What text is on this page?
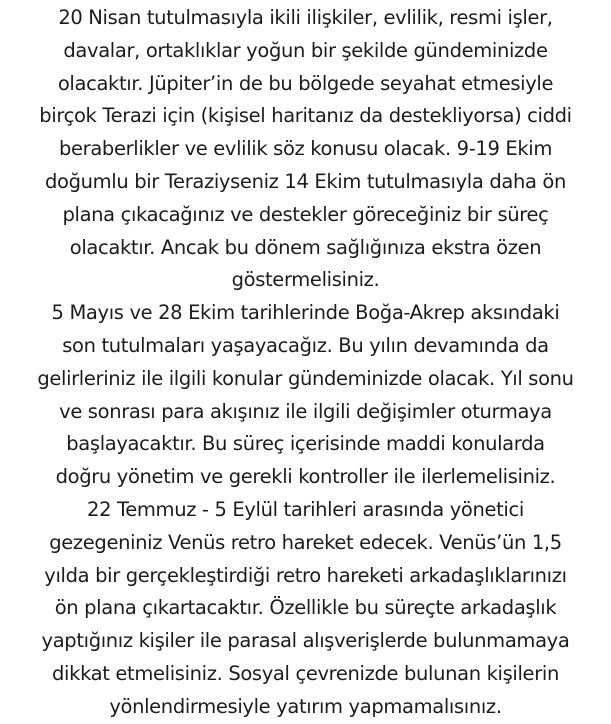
20 Nisan tutulmasıyla ikili ilişkiler, evlilik, resmi işler,
davalar, ortaklıklar yoğun bir şekilde gündeminizde
olacaktır. Jüpiter’in de bu bölgede seyahat etmesiyle
birçok Terazi için (kişisel haritanız da destekliyorsa) ciddi
beraberlikler ve evlilik söz konusu olacak. 9-19 Ekim
doğumlu bir Teraziyseniz 14 Ekim tutulmasıyla daha ön
plana çıkacağınız ve destekler göreceğiniz bir süreç
olacaktır. Ancak bu dönem sağlığınıza ekstra özen
göstermelisiniz.
5 Mayıs ve 28 Ekim tarihlerinde Boğa-Akrep aksındaki
son tutulmaları yaşayacağız. Bu yılın devamında da
gelirleriniz ile ilgili konular gündeminizde olacak. Yıl sonu
ve sonrası para akışınız ile ilgili değişimler oturmaya
başlayacaktır. Bu süreç içerisinde maddi konularda
doğru yönetim ve gerekli kontroller ile ilerlemelisiniz.
22 Temmuz - 5 Eylül tarihleri arasında yönetici
gezegeniniz Venüs retro hareket edecek. Venüs’ün 1,5
yılda bir gerçekleştirdiği retro hareketi arkadaşlıklarınızı
ön plana çıkartacaktır. Özellikle bu süreçte arkadaşlık
yaptığınız kişiler ile parasal alışverişlerde bulunmamaya
dikkat etmelisiniz. Sosyal çevrenizde bulunan kişilerin
yönlendirmesiyle yatırım yapmamalısınız.
